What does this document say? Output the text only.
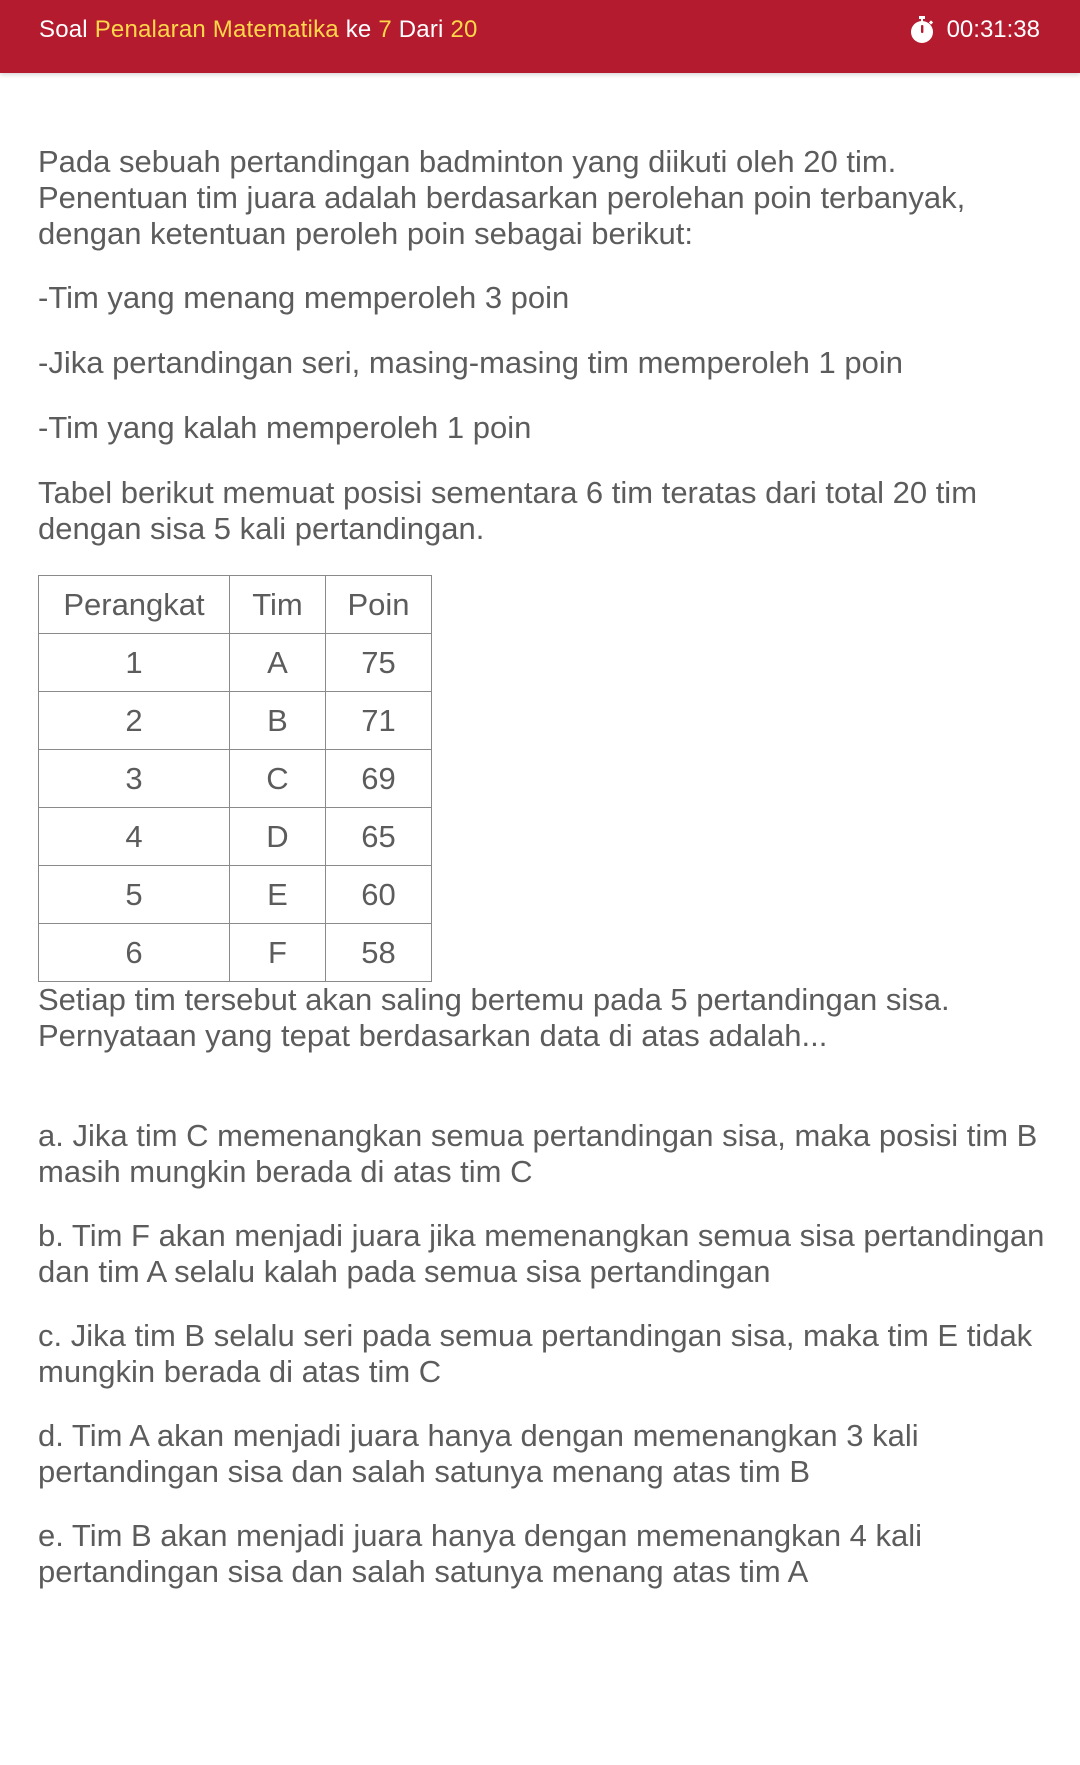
Soal Penalaran Matematika ke 7 Dari 20	00:31:38

Pada sebuah pertandingan badminton yang diikuti oleh 20 tim. Penentuan tim juara adalah berdasarkan perolehan poin terbanyak, dengan ketentuan peroleh poin sebagai berikut:

-Tim yang menang memperoleh 3 poin

-Jika pertandingan seri, masing-masing tim memperoleh 1 poin

-Tim yang kalah memperoleh 1 poin

Tabel berikut memuat posisi sementara 6 tim teratas dari total 20 tim dengan sisa 5 kali pertandingan.

Perangkat	Tim	Poin
1	A	75
2	B	71
3	C	69
4	D	65
5	E	60
6	F	58

Setiap tim tersebut akan saling bertemu pada 5 pertandingan sisa. Pernyataan yang tepat berdasarkan data di atas adalah...

a. Jika tim C memenangkan semua pertandingan sisa, maka posisi tim B masih mungkin berada di atas tim C

b. Tim F akan menjadi juara jika memenangkan semua sisa pertandingan dan tim A selalu kalah pada semua sisa pertandingan

c. Jika tim B selalu seri pada semua pertandingan sisa, maka tim E tidak mungkin berada di atas tim C

d. Tim A akan menjadi juara hanya dengan memenangkan 3 kali pertandingan sisa dan salah satunya menang atas tim B

e. Tim B akan menjadi juara hanya dengan memenangkan 4 kali pertandingan sisa dan salah satunya menang atas tim A
